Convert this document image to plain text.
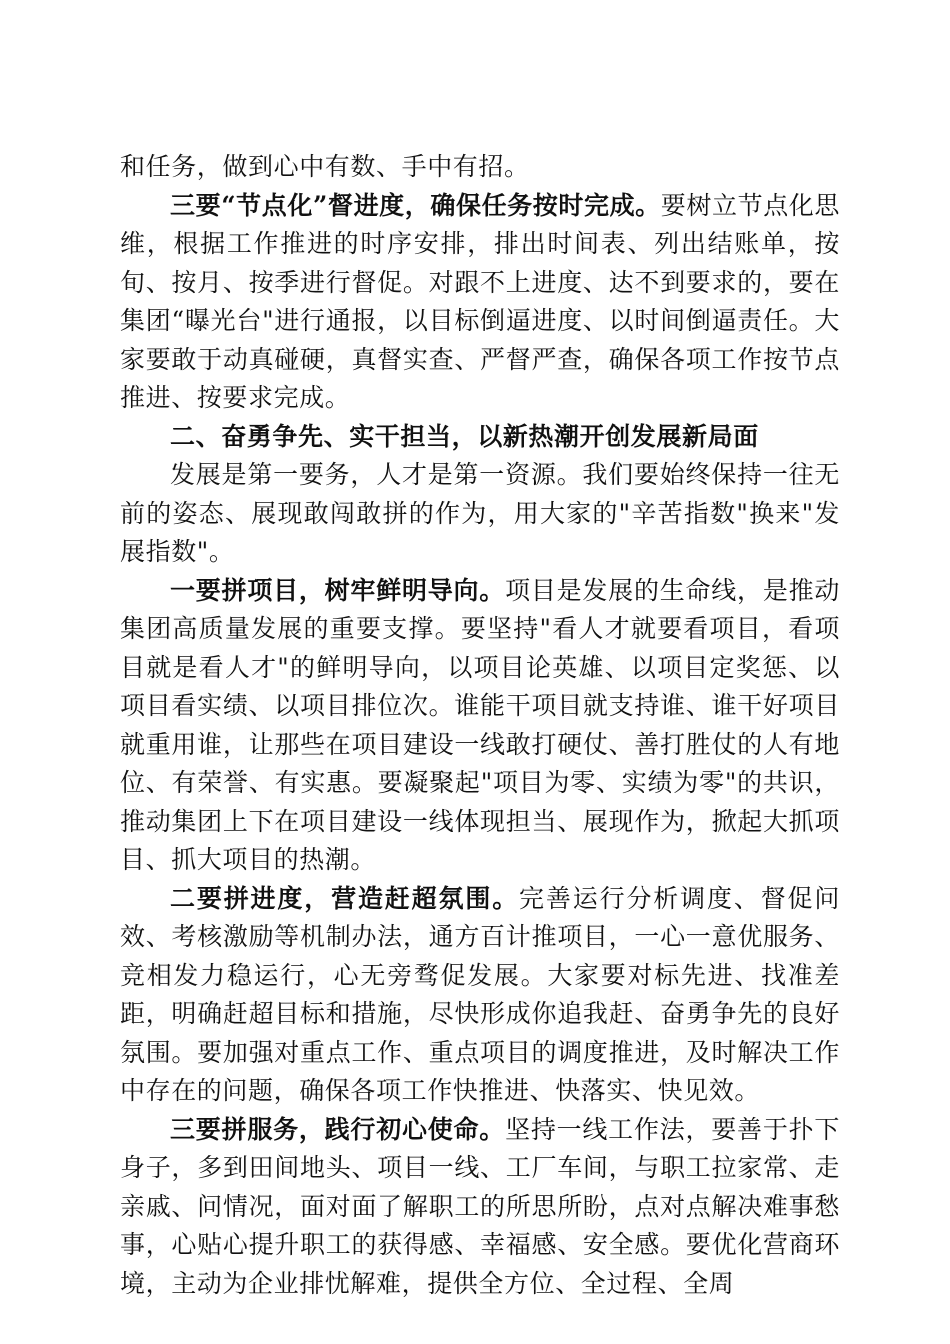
和任务，做到心中有数、手中有招。

三要“节点化”督进度，确保任务按时完成。要树立节点化思维，根据工作推进的时序安排，排出时间表、列出结账单，按旬、按月、按季进行督促。对跟不上进度、达不到要求的，要在集团“曝光台"进行通报，以目标倒逼进度、以时间倒逼责任。大家要敢于动真碰硬，真督实查、严督严查，确保各项工作按节点推进、按要求完成。

二、奋勇争先、实干担当，以新热潮开创发展新局面

发展是第一要务，人才是第一资源。我们要始终保持一往无前的姿态、展现敢闯敢拼的作为，用大家的"辛苦指数"换来"发展指数"。

一要拼项目，树牢鲜明导向。项目是发展的生命线，是推动集团高质量发展的重要支撑。要坚持"看人才就要看项目，看项目就是看人才"的鲜明导向，以项目论英雄、以项目定奖惩、以项目看实绩、以项目排位次。谁能干项目就支持谁、谁干好项目就重用谁，让那些在项目建设一线敢打硬仗、善打胜仗的人有地位、有荣誉、有实惠。要凝聚起"项目为零、实绩为零"的共识，推动集团上下在项目建设一线体现担当、展现作为，掀起大抓项目、抓大项目的热潮。

二要拼进度，营造赶超氛围。完善运行分析调度、督促问效、考核激励等机制办法，通方百计推项目，一心一意优服务、竞相发力稳运行，心无旁骛促发展。大家要对标先进、找准差距，明确赶超目标和措施，尽快形成你追我赶、奋勇争先的良好氛围。要加强对重点工作、重点项目的调度推进，及时解决工作中存在的问题，确保各项工作快推进、快落实、快见效。

三要拼服务，践行初心使命。坚持一线工作法，要善于扑下身子，多到田间地头、项目一线、工厂车间，与职工拉家常、走亲戚、问情况，面对面了解职工的所思所盼，点对点解决难事愁事，心贴心提升职工的获得感、幸福感、安全感。要优化营商环境，主动为企业排忧解难，提供全方位、全过程、全周
